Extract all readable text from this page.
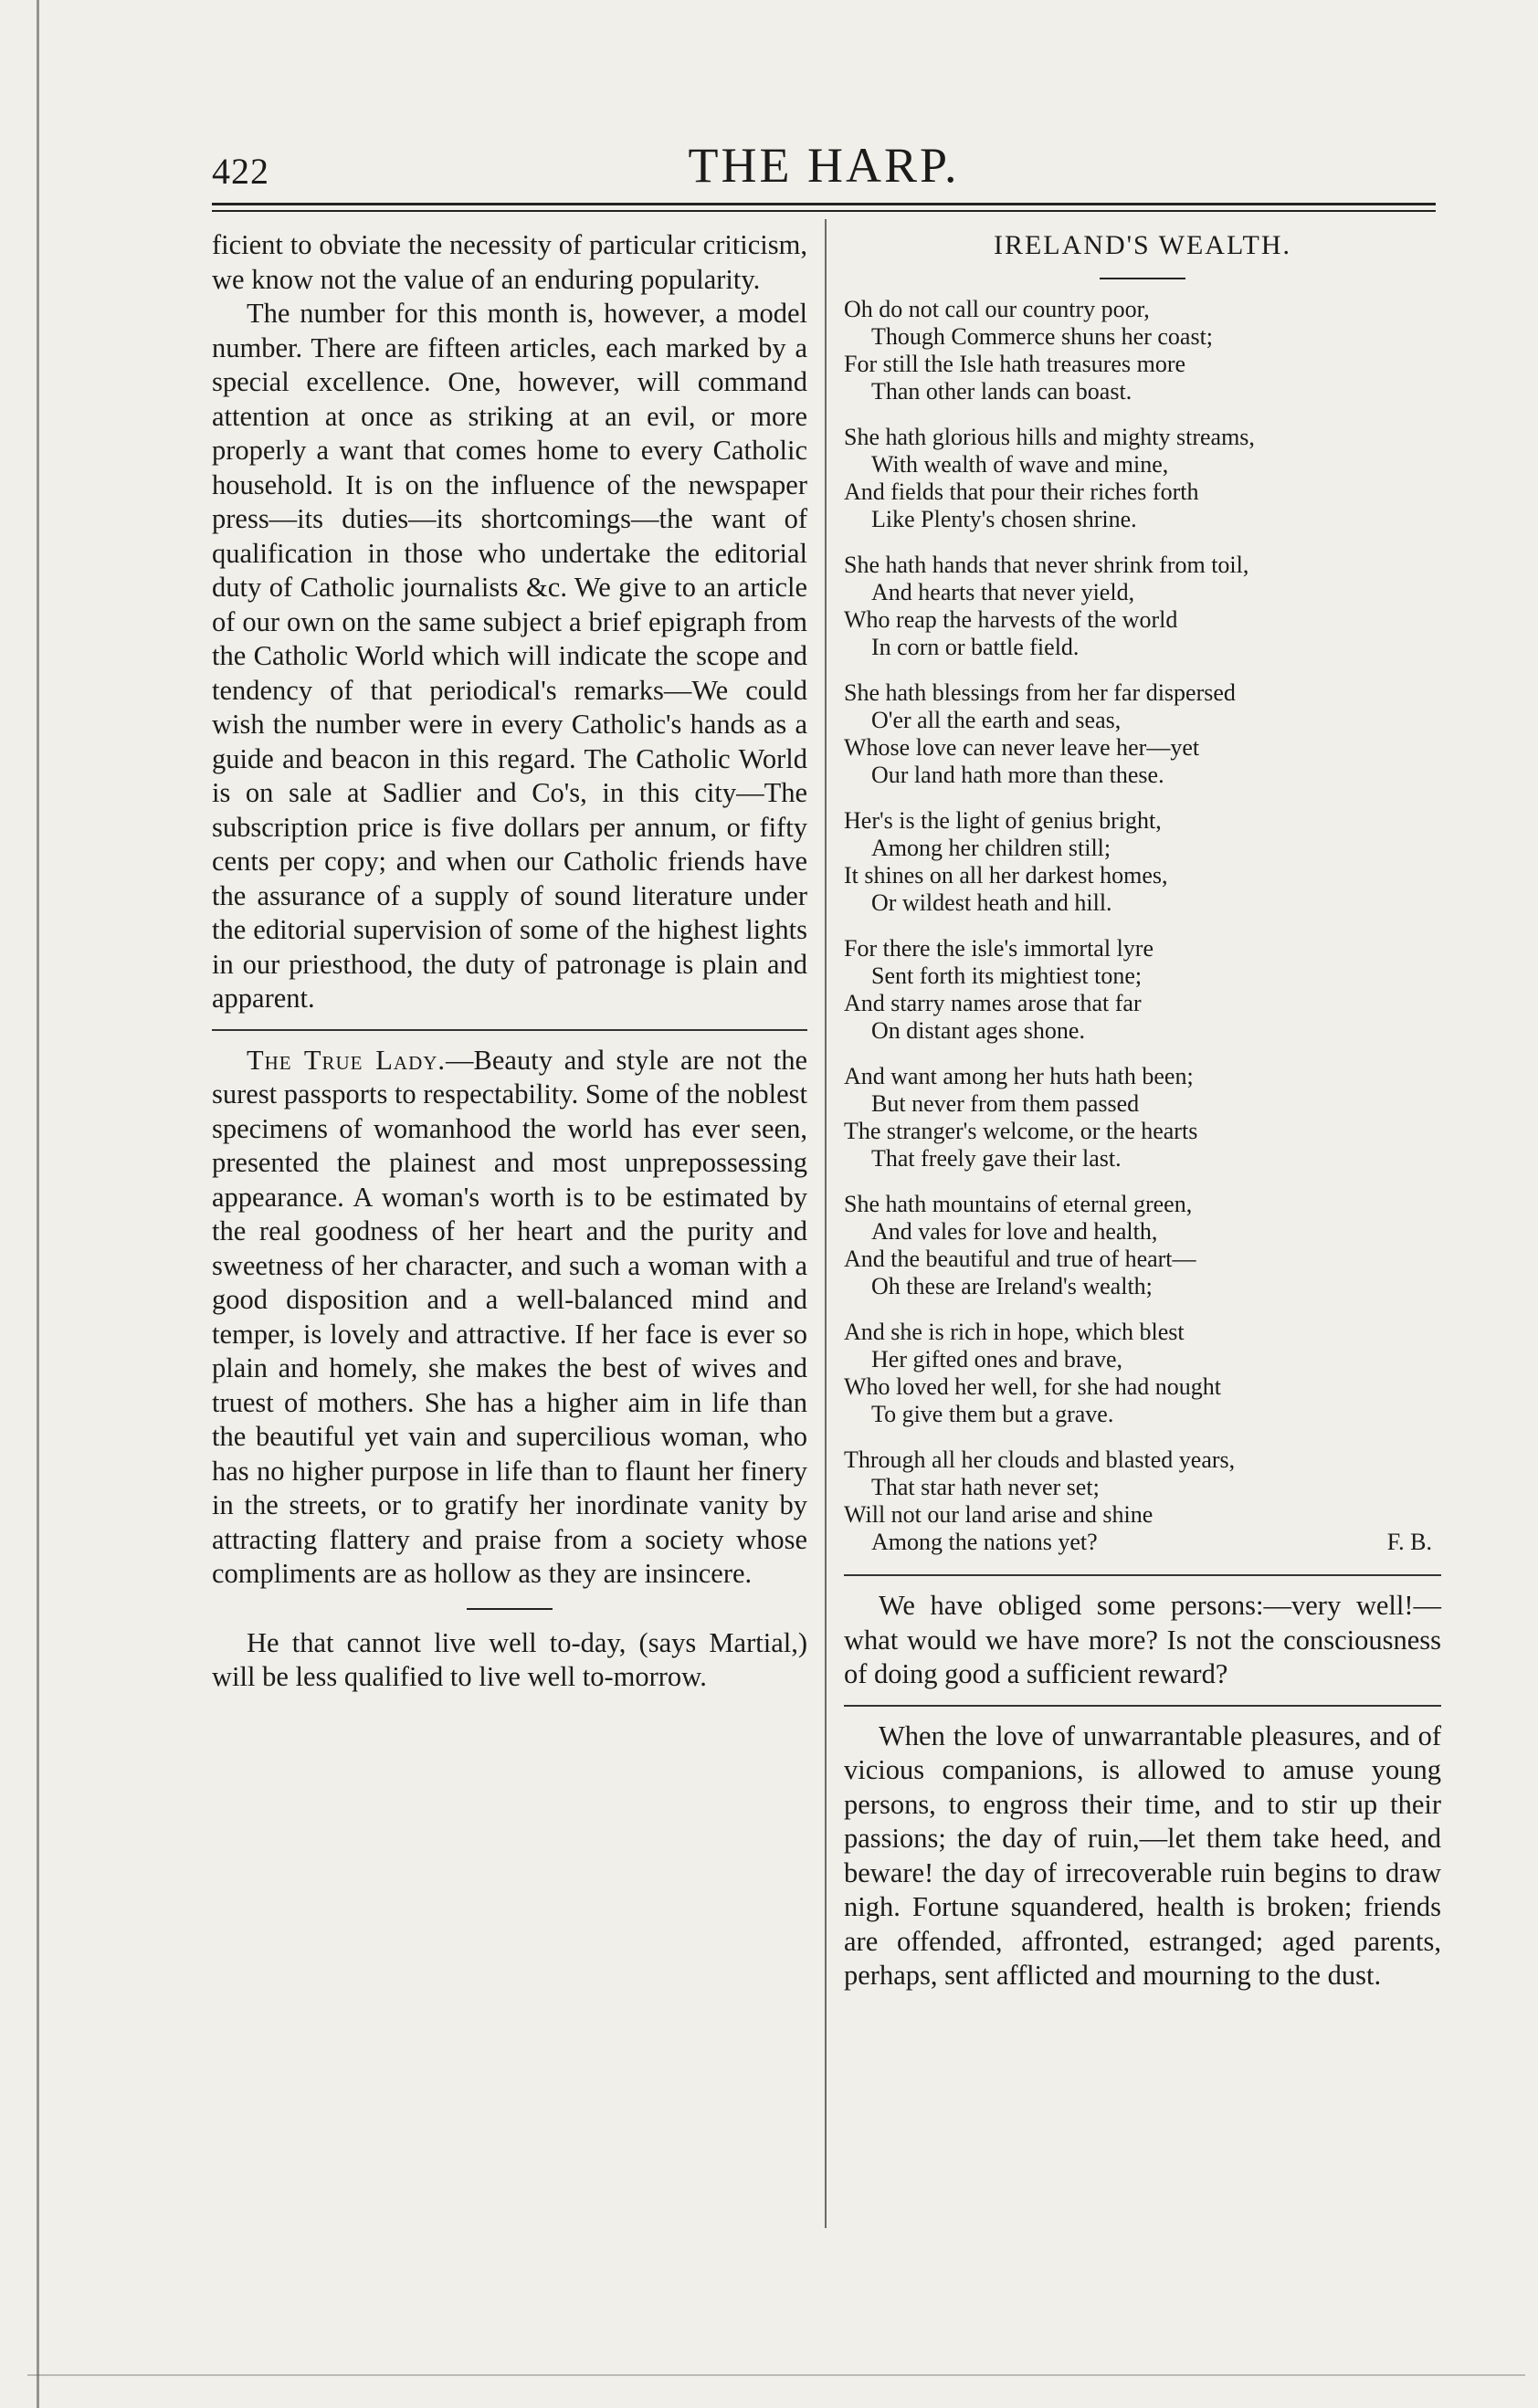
422	THE HARP.

ficient to obviate the necessity of particular criticism, we know not the value of an enduring popularity.

The number for this month is, however, a model number. There are fifteen articles, each marked by a special excellence. One, however, will command attention at once as striking at an evil, or more properly a want that comes home to every Catholic household. It is on the influence of the newspaper press—its duties—its shortcomings—the want of qualification in those who undertake the editorial duty of Catholic journalists &c. We give to an article of our own on the same subject a brief epigraph from the Catholic World which will indicate the scope and tendency of that periodical's remarks—We could wish the number were in every Catholic's hands as a guide and beacon in this regard. The Catholic World is on sale at Sadlier and Co's, in this city—The subscription price is five dollars per annum, or fifty cents per copy; and when our Catholic friends have the assurance of a supply of sound literature under the editorial supervision of some of the highest lights in our priesthood, the duty of patronage is plain and apparent.

The True Lady.—Beauty and style are not the surest passports to respectability. Some of the noblest specimens of womanhood the world has ever seen, presented the plainest and most unprepossessing appearance. A woman's worth is to be estimated by the real goodness of her heart and the purity and sweetness of her character, and such a woman with a good disposition and a well-balanced mind and temper, is lovely and attractive. If her face is ever so plain and homely, she makes the best of wives and truest of mothers. She has a higher aim in life than the beautiful yet vain and supercilious woman, who has no higher purpose in life than to flaunt her finery in the streets, or to gratify her inordinate vanity by attracting flattery and praise from a society whose compliments are as hollow as they are insincere.

He that cannot live well to-day, (says Martial,) will be less qualified to live well to-morrow.

IRELAND'S WEALTH.

Oh do not call our country poor,

Though Commerce shuns her coast;

For still the Isle hath treasures more

Than other lands can boast.

She hath glorious hills and mighty streams,

With wealth of wave and mine,

And fields that pour their riches forth

Like Plenty's chosen shrine.

She hath hands that never shrink from toil,

And hearts that never yield,

Who reap the harvests of the world

In corn or battle field.

She hath blessings from her far dispersed

O'er all the earth and seas,

Whose love can never leave her—yet

Our land hath more than these.

Her's is the light of genius bright,

Among her children still;

It shines on all her darkest homes,

Or wildest heath and hill.

For there the isle's immortal lyre

Sent forth its mightiest tone;

And starry names arose that far

On distant ages shone.

And want among her huts hath been;

But never from them passed

The stranger's welcome, or the hearts

That freely gave their last.

She hath mountains of eternal green,

And vales for love and health,

And the beautiful and true of heart—

Oh these are Ireland's wealth;

And she is rich in hope, which blest

Her gifted ones and brave,

Who loved her well, for she had nought

To give them but a grave.

Through all her clouds and blasted years,

That star hath never set;

Will not our land arise and shine

Among the nations yet?	F. B.

We have obliged some persons:—very well!—what would we have more? Is not the consciousness of doing good a sufficient reward?

When the love of unwarrantable pleasures, and of vicious companions, is allowed to amuse young persons, to engross their time, and to stir up their passions; the day of ruin,—let them take heed, and beware! the day of irrecoverable ruin begins to draw nigh. Fortune squandered, health is broken; friends are offended, affronted, estranged; aged parents, perhaps, sent afflicted and mourning to the dust.
